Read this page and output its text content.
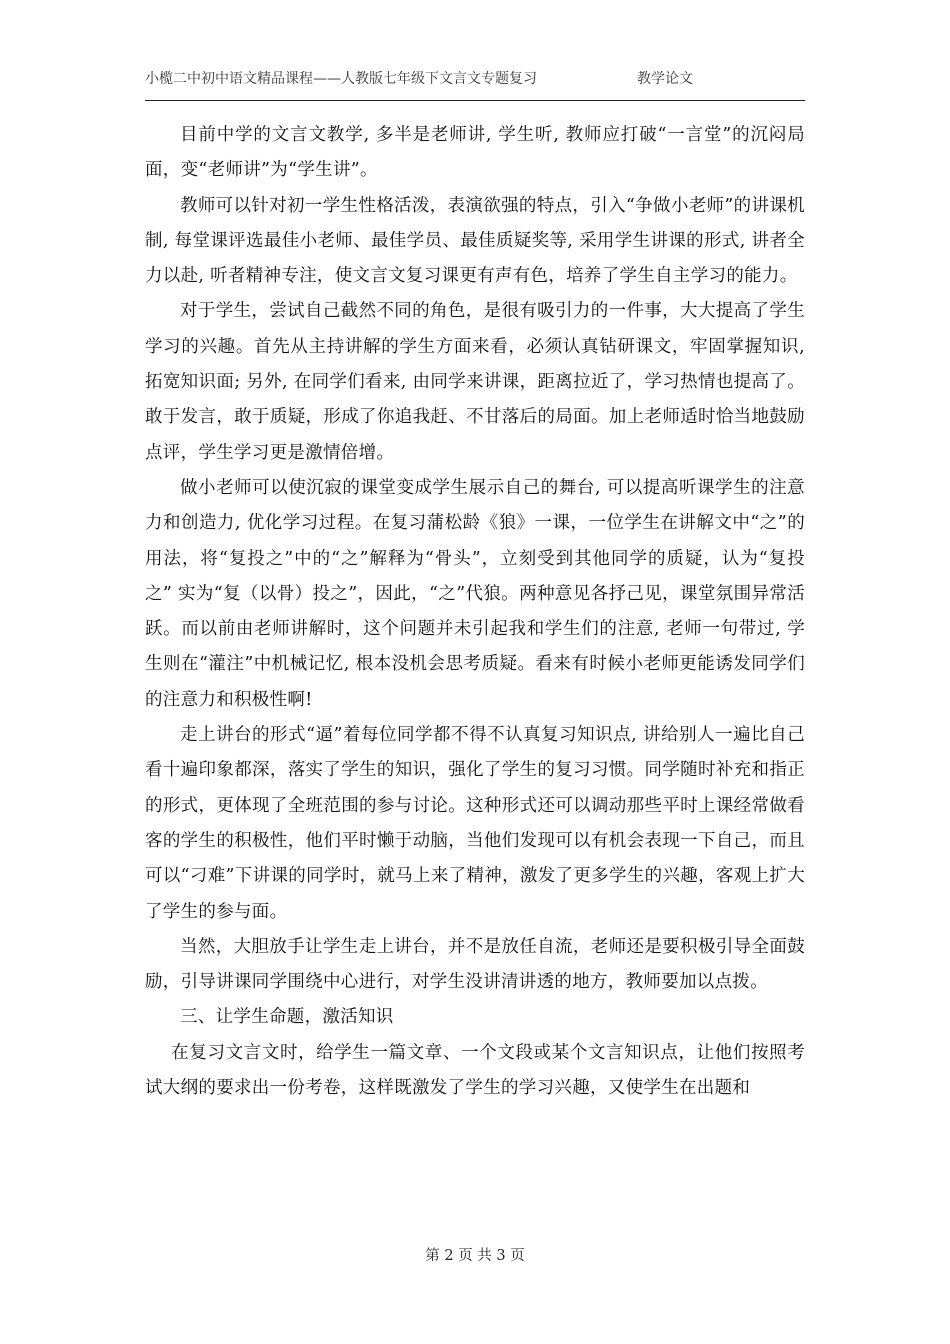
小榄二中初中语文精品课程——人教版七年级下文言文专题复习	教学论文

目前中学的文言文教学, 多半是老师讲, 学生听, 教师应打破“一言堂”的沉闷局面，变“老师讲”为“学生讲”。

教师可以针对初一学生性格活泼，表演欲强的特点，引入“争做小老师”的讲课机制, 每堂课评选最佳小老师、最佳学员、最佳质疑奖等, 采用学生讲课的形式, 讲者全力以赴, 听者精神专注，使文言文复习课更有声有色，培养了学生自主学习的能力。

对于学生，尝试自己截然不同的角色，是很有吸引力的一件事，大大提高了学生学习的兴趣。首先从主持讲解的学生方面来看，必须认真钻研课文，牢固掌握知识, 拓宽知识面; 另外, 在同学们看来, 由同学来讲课，距离拉近了，学习热情也提高了。敢于发言，敢于质疑，形成了你追我赶、不甘落后的局面。加上老师适时恰当地鼓励点评，学生学习更是激情倍增。

做小老师可以使沉寂的课堂变成学生展示自己的舞台, 可以提高听课学生的注意力和创造力, 优化学习过程。在复习蒲松龄《狼》一课，一位学生在讲解文中“之”的用法，将“复投之”中的“之”解释为“骨头”，立刻受到其他同学的质疑，认为“复投之” 实为“复（以骨）投之”，因此，“之”代狼。两种意见各抒己见，课堂氛围异常活跃。而以前由老师讲解时，这个问题并未引起我和学生们的注意, 老师一句带过, 学生则在“灌注”中机械记忆, 根本没机会思考质疑。看来有时候小老师更能诱发同学们的注意力和积极性啊!

走上讲台的形式“逼”着每位同学都不得不认真复习知识点, 讲给别人一遍比自己看十遍印象都深，落实了学生的知识，强化了学生的复习习惯。同学随时补充和指正的形式，更体现了全班范围的参与讨论。这种形式还可以调动那些平时上课经常做看客的学生的积极性，他们平时懒于动脑，当他们发现可以有机会表现一下自己，而且可以“刁难”下讲课的同学时，就马上来了精神，激发了更多学生的兴趣，客观上扩大了学生的参与面。

当然，大胆放手让学生走上讲台，并不是放任自流，老师还是要积极引导全面鼓励，引导讲课同学围绕中心进行，对学生没讲清讲透的地方，教师要加以点拨。

三、让学生命题，激活知识

在复习文言文时，给学生一篇文章、一个文段或某个文言知识点，让他们按照考试大纲的要求出一份考卷，这样既激发了学生的学习兴趣，又使学生在出题和

第 2 页 共 3 页
